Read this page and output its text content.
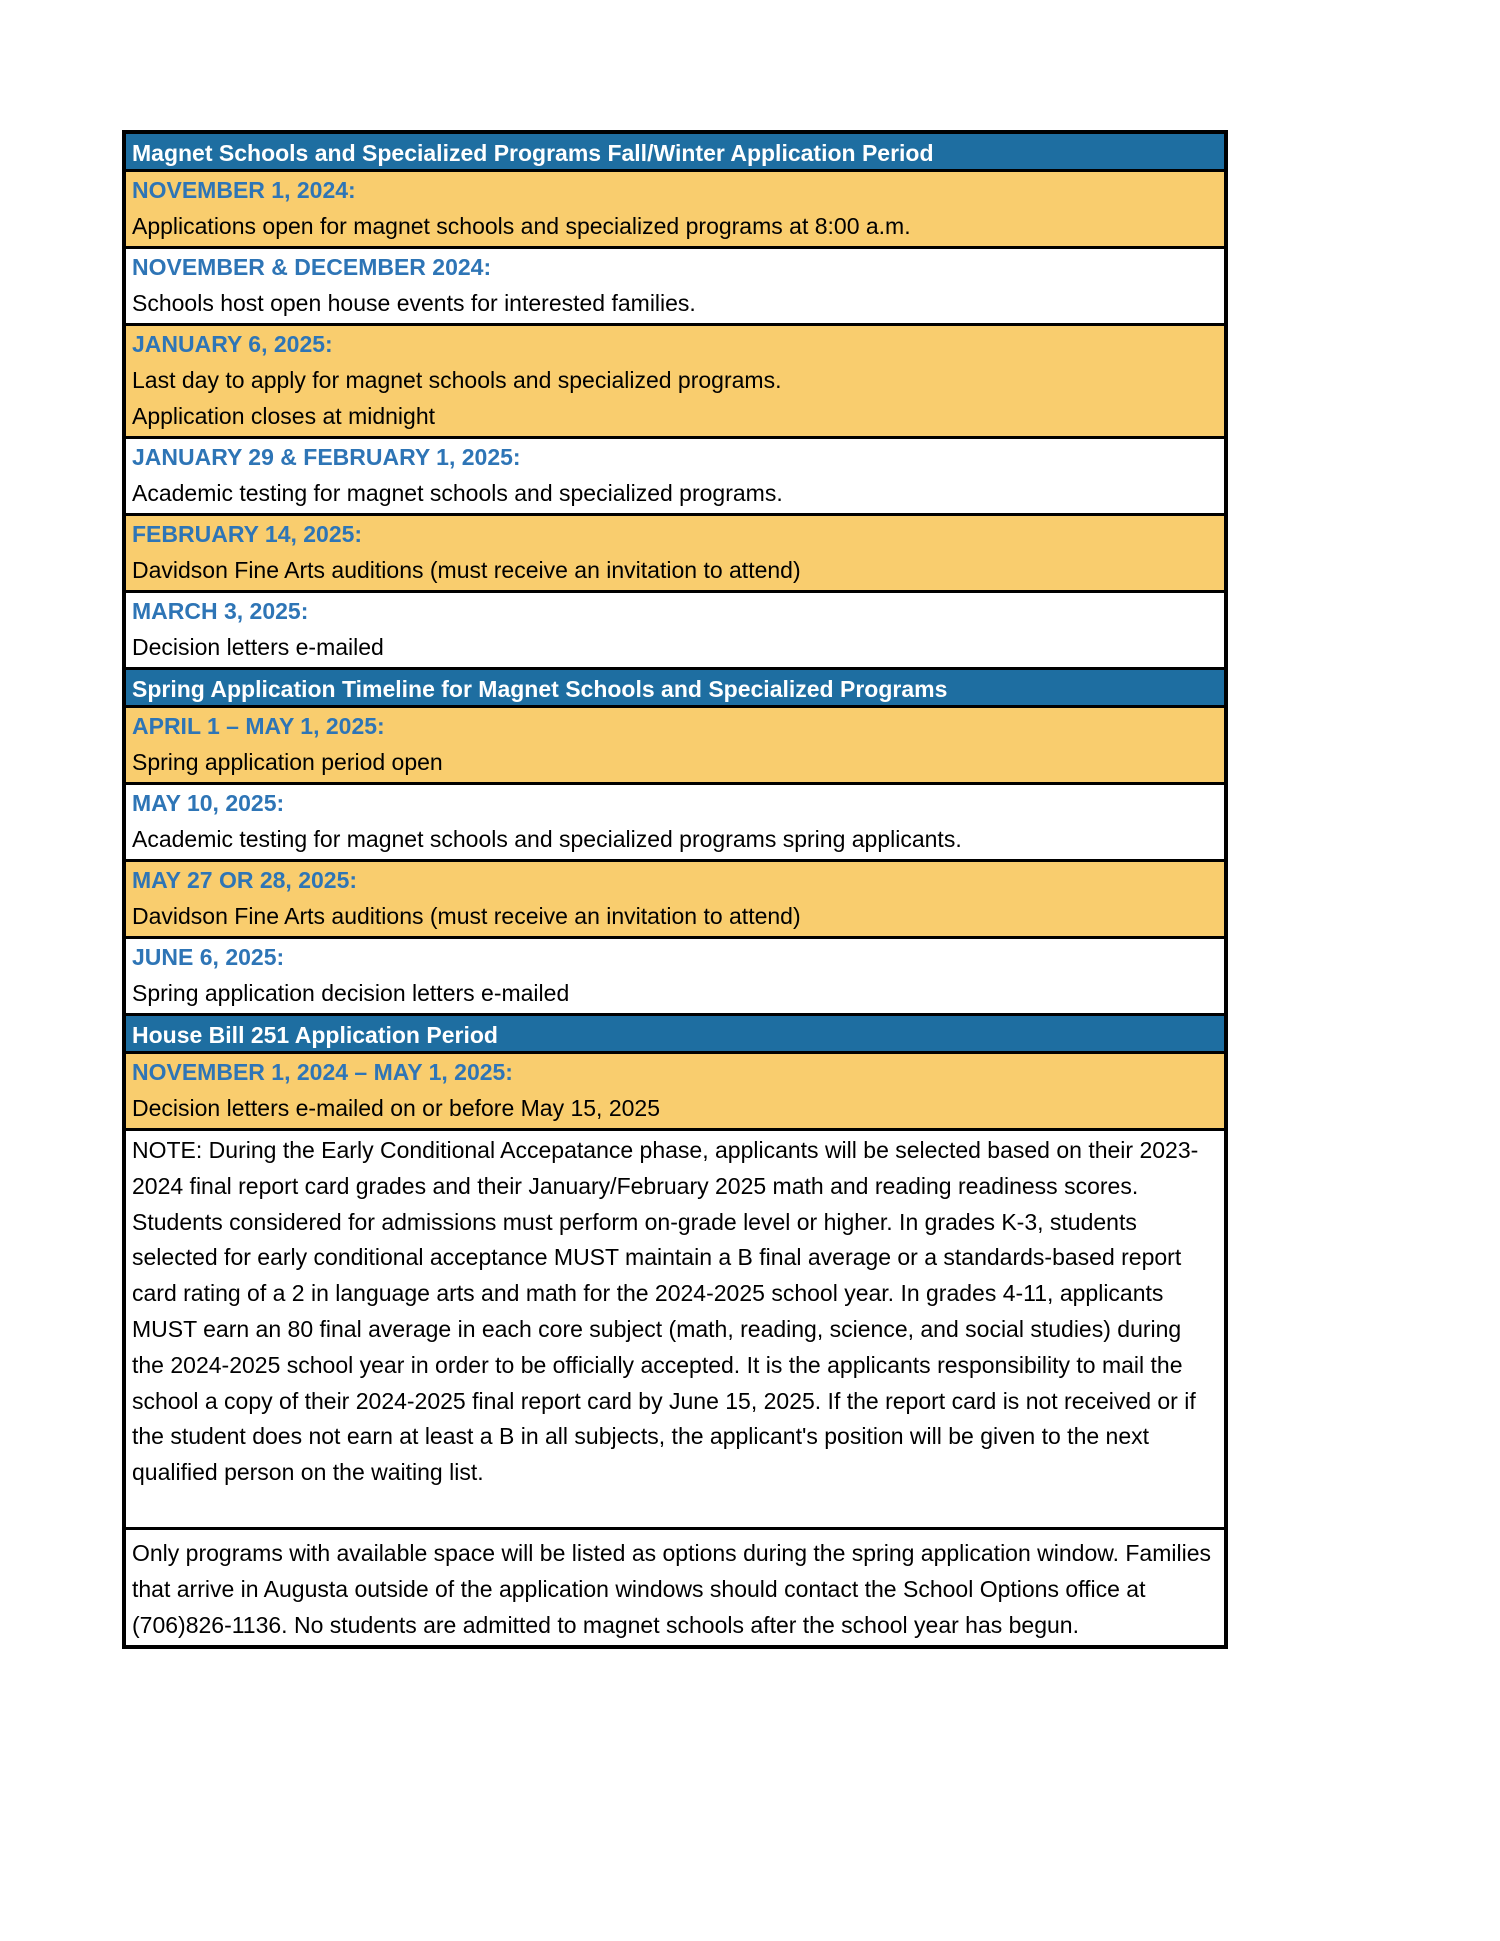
Magnet Schools and Specialized Programs Fall/Winter Application Period
NOVEMBER 1, 2024:
Applications open for magnet schools and specialized programs at 8:00 a.m.
NOVEMBER & DECEMBER 2024:
Schools host open house events for interested families.
JANUARY 6, 2025:
Last day to apply for magnet schools and specialized programs.
Application closes at midnight
JANUARY 29 & FEBRUARY 1, 2025:
Academic testing for magnet schools and specialized programs.
FEBRUARY 14, 2025:
Davidson Fine Arts auditions (must receive an invitation to attend)
MARCH 3, 2025:
Decision letters e-mailed
Spring Application Timeline for Magnet Schools and Specialized Programs
APRIL 1 – MAY 1, 2025:
Spring application period open
MAY 10, 2025:
Academic testing for magnet schools and specialized programs spring applicants.
MAY 27 OR 28, 2025:
Davidson Fine Arts auditions (must receive an invitation to attend)
JUNE 6, 2025:
Spring application decision letters e-mailed
House Bill 251 Application Period
NOVEMBER 1, 2024 – MAY 1, 2025:
Decision letters e-mailed on or before May 15, 2025
NOTE: During the Early Conditional Accepatance phase, applicants will be selected based on their 2023-2024 final report card grades and their January/February 2025 math and reading readiness scores. Students considered for admissions must perform on-grade level or higher. In grades K-3, students selected for early conditional acceptance MUST maintain a B final average or a standards-based report card rating of a 2 in language arts and math for the 2024-2025 school year. In grades 4-11, applicants MUST earn an 80 final average in each core subject (math, reading, science, and social studies) during the 2024-2025 school year in order to be officially accepted. It is the applicants responsibility to mail the school a copy of their 2024-2025 final report card by June 15, 2025. If the report card is not received or if the student does not earn at least a B in all subjects, the applicant's position will be given to the next qualified person on the waiting list.
Only programs with available space will be listed as options during the spring application window. Families that arrive in Augusta outside of the application windows should contact the School Options office at (706)826-1136. No students are admitted to magnet schools after the school year has begun.
